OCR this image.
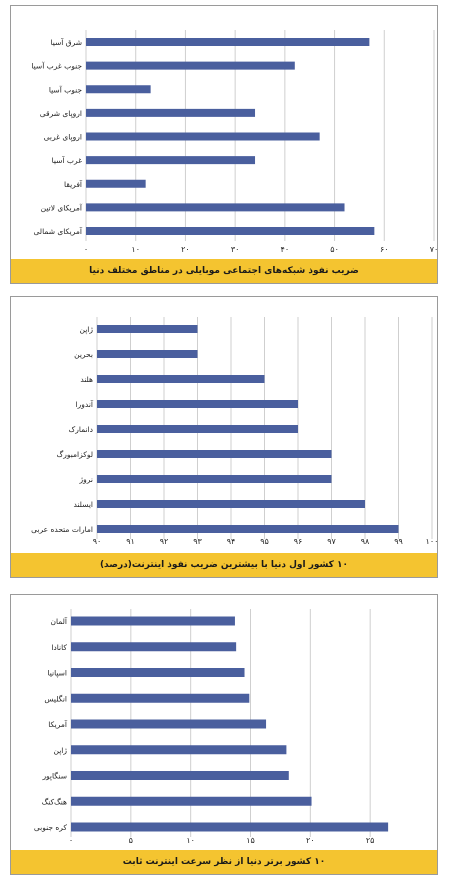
شرق آسیا
جنوب غرب آسیا
جنوب آسیا
اروپای شرقی
اروپای غربی
غرب آسیا
آفریقا
آمریکای لاتین
آمریکای شمالی
۰	۱۰	۲۰	۳۰	۴۰	۵۰	۶۰	۷۰
ضریب نفوذ شبکه‌های اجتماعی موبایلی در مناطق مختلف دنیا
ژاپن
بحرین
هلند
آندورا
دانمارک
لوکزامبورگ
نروژ
ایسلند
امارات متحده عربی
۹۰	۹۱	۹۲	۹۳	۹۴	۹۵	۹۶	۹۷	۹۸	۹۹	۱۰۰
۱۰ کشور اول دنیا با بیشترین ضریب نفوذ اینترنت(درصد)
آلمان
کانادا
اسپانیا
انگلیس
آمریکا
ژاپن
سنگاپور
هنگ‌کنگ
کره جنوبی
۰	۵	۱۰	۱۵	۲۰	۲۵
۱۰ کشور برتر دنیا از نظر سرعت اینترنت ثابت
